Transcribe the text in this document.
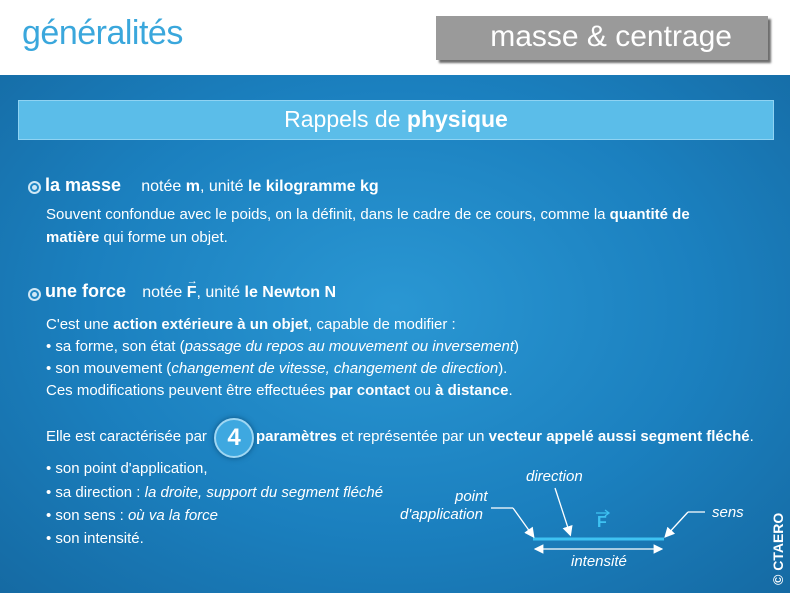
généralités	masse & centrage
Rappels de physique
la masse notée m, unité le kilogramme kg
Souvent confondue avec le poids, on la définit, dans le cadre de ce cours, comme la quantité de
matière qui forme un objet.
une force notée F
→
, unité le Newton N
C'est une action extérieure à un objet, capable de modifier :
• sa forme, son état (passage du repos au mouvement ou inversement)
• son mouvement (changement de vitesse, changement de direction).
Ces modifications peuvent être effectuées par contact ou à distance.
Elle est caractérisée par 4	paramètres et représentée par un vecteur appelé aussi segment fléché.
• son point d'application,
• sa direction : la droite, support du segment fléché
• son sens : où va la force
• son intensité.
point
d'application
direction
sens
F
intensité	© CTAERO
